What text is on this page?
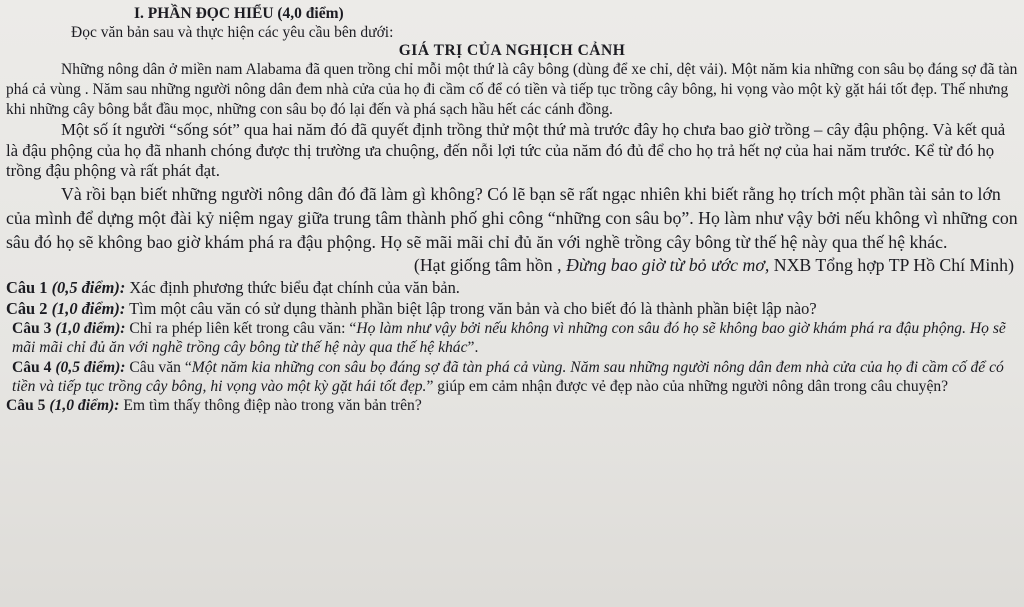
I. PHẦN ĐỌC HIỂU (4,0 điểm)
Đọc văn bản sau và thực hiện các yêu cầu bên dưới:
GIÁ TRỊ CỦA NGHỊCH CẢNH

Những nông dân ở miền nam Alabama đã quen trồng chỉ mỗi một thứ là cây bông (dùng để xe chỉ, dệt vải). Một năm kia những con sâu bọ đáng sợ đã tàn phá cả vùng . Năm sau những người nông dân đem nhà cửa của họ đi cầm cố để có tiền và tiếp tục trồng cây bông, hi vọng vào một kỳ gặt hái tốt đẹp. Thế nhưng khi những cây bông bắt đầu mọc, những con sâu bọ đó lại đến và phá sạch hầu hết các cánh đồng.

Một số ít người “sống sót” qua hai năm đó đã quyết định trồng thử một thứ mà trước đây họ chưa bao giờ trồng – cây đậu phộng. Và kết quả là đậu phộng của họ đã nhanh chóng được thị trường ưa chuộng, đến nỗi lợi tức của năm đó đủ để cho họ trả hết nợ của hai năm trước. Kể từ đó họ trồng đậu phộng và rất phát đạt.

Và rồi bạn biết những người nông dân đó đã làm gì không? Có lẽ bạn sẽ rất ngạc nhiên khi biết rằng họ trích một phần tài sản to lớn của mình để dựng một đài kỷ niệm ngay giữa trung tâm thành phố ghi công “những con sâu bọ”. Họ làm như vậy bởi nếu không vì những con sâu đó họ sẽ không bao giờ khám phá ra đậu phộng. Họ sẽ mãi mãi chỉ đủ ăn với nghề trồng cây bông từ thế hệ này qua thế hệ khác.

(Hạt giống tâm hồn , Đừng bao giờ từ bỏ ước mơ, NXB Tổng hợp TP Hồ Chí Minh)
Câu 1 (0,5 điểm): Xác định phương thức biểu đạt chính của văn bản.
Câu 2 (1,0 điểm): Tìm một câu văn có sử dụng thành phần biệt lập trong văn bản và cho biết đó là thành phần biệt lập nào?
Câu 3 (1,0 điểm): Chỉ ra phép liên kết trong câu văn: “Họ làm như vậy bởi nếu không vì những con sâu đó họ sẽ không bao giờ khám phá ra đậu phộng. Họ sẽ mãi mãi chỉ đủ ăn với nghề trồng cây bông từ thế hệ này qua thế hệ khác”.
Câu 4 (0,5 điểm): Câu văn “Một năm kia những con sâu bọ đáng sợ đã tàn phá cả vùng. Năm sau những người nông dân đem nhà cửa của họ đi cầm cố để có tiền và tiếp tục trồng cây bông, hi vọng vào một kỳ gặt hái tốt đẹp.” giúp em cảm nhận được vẻ đẹp nào của những người nông dân trong câu chuyện?
Câu 5 (1,0 điểm): Em tìm thấy thông điệp nào trong văn bản trên?
